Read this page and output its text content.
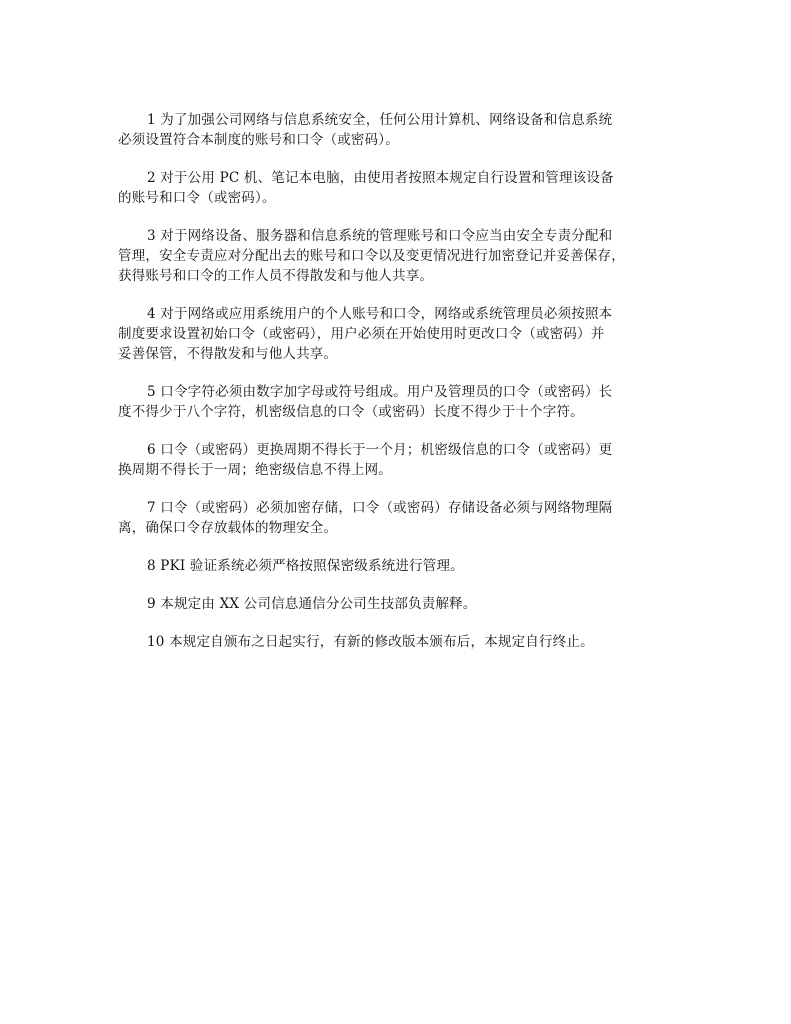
1 为了加强公司网络与信息系统安全，任何公用计算机、网络设备和信息系统
必须设置符合本制度的账号和口令（或密码）。

2 对于公用 PC 机、笔记本电脑，由使用者按照本规定自行设置和管理该设备
的账号和口令（或密码）。

3 对于网络设备、服务器和信息系统的管理账号和口令应当由安全专责分配和
管理，安全专责应对分配出去的账号和口令以及变更情况进行加密登记并妥善保存，
获得账号和口令的工作人员不得散发和与他人共享。

4 对于网络或应用系统用户的个人账号和口令，网络或系统管理员必须按照本
制度要求设置初始口令（或密码），用户必须在开始使用时更改口令（或密码）并
妥善保管，不得散发和与他人共享。

5 口令字符必须由数字加字母或符号组成。用户及管理员的口令（或密码）长
度不得少于八个字符，机密级信息的口令（或密码）长度不得少于十个字符。

6 口令（或密码）更换周期不得长于一个月；机密级信息的口令（或密码）更
换周期不得长于一周；绝密级信息不得上网。

7 口令（或密码）必须加密存储，口令（或密码）存储设备必须与网络物理隔
离，确保口令存放载体的物理安全。

8 PKI 验证系统必须严格按照保密级系统进行管理。

9 本规定由 XX 公司信息通信分公司生技部负责解释。

10 本规定自颁布之日起实行，有新的修改版本颁布后，本规定自行终止。
